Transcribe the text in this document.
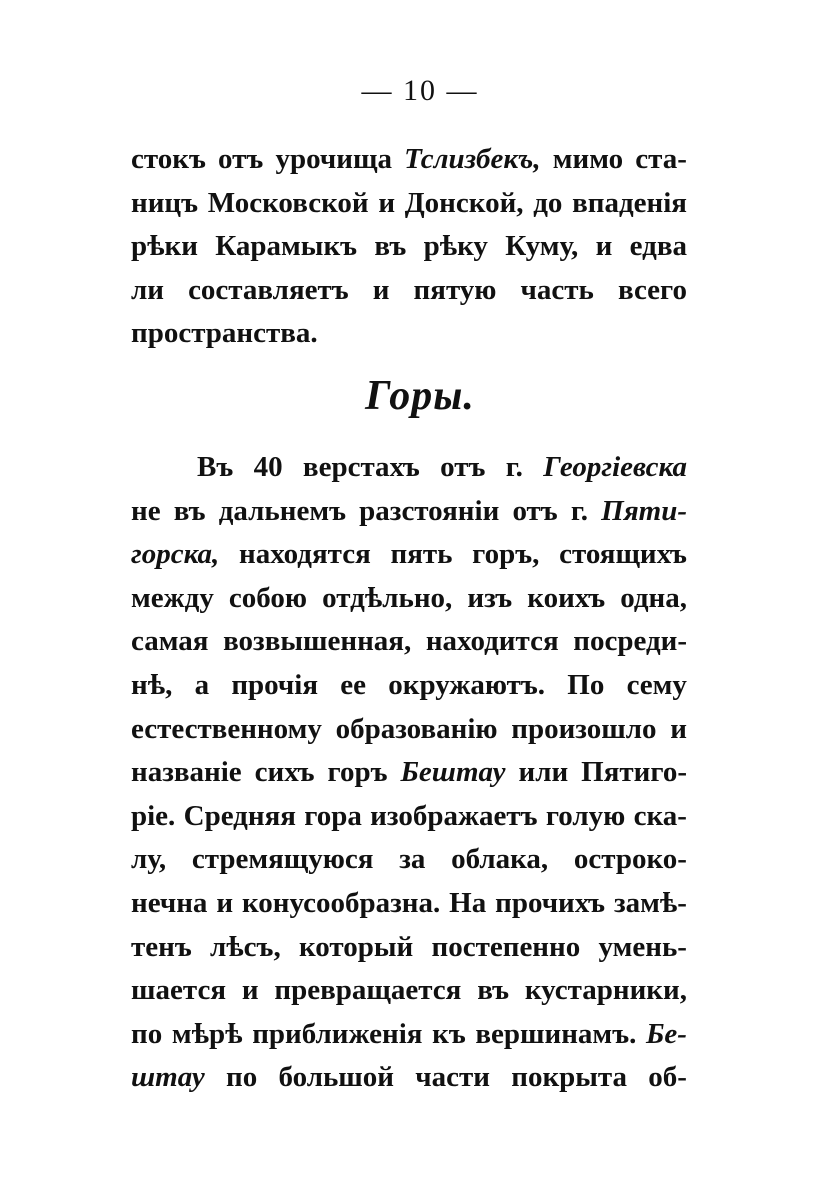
— 10 —
стокъ отъ урочища Тслизбекъ, мимо ста-
ницъ Московской и Донской, до впаденія
рѣки Карамыкъ въ рѣку Куму, и едва
ли составляетъ и пятую часть всего
пространства.
Горы.
Въ 40 верстахъ отъ г. Георгіевска
не въ дальнемъ разстояніи отъ г. Пяти-
горска, находятся пять горъ, стоящихъ
между собою отдѣльно, изъ коихъ одна,
самая возвышенная, находится посреди-
нѣ, а прочія ее окружаютъ. По сему
естественному образованію произошло и
названіе сихъ горъ Бештау или Пятиго-
ріе. Средняя гора изображаетъ голую ска-
лу, стремящуюся за облака, остроко-
нечна и конусообразна. На прочихъ замѣ-
тенъ лѣсъ, который постепенно умень-
шается и превращается въ кустарники,
по мѣрѣ приближенія къ вершинамъ. Бе-
штау по большой части покрыта об-
